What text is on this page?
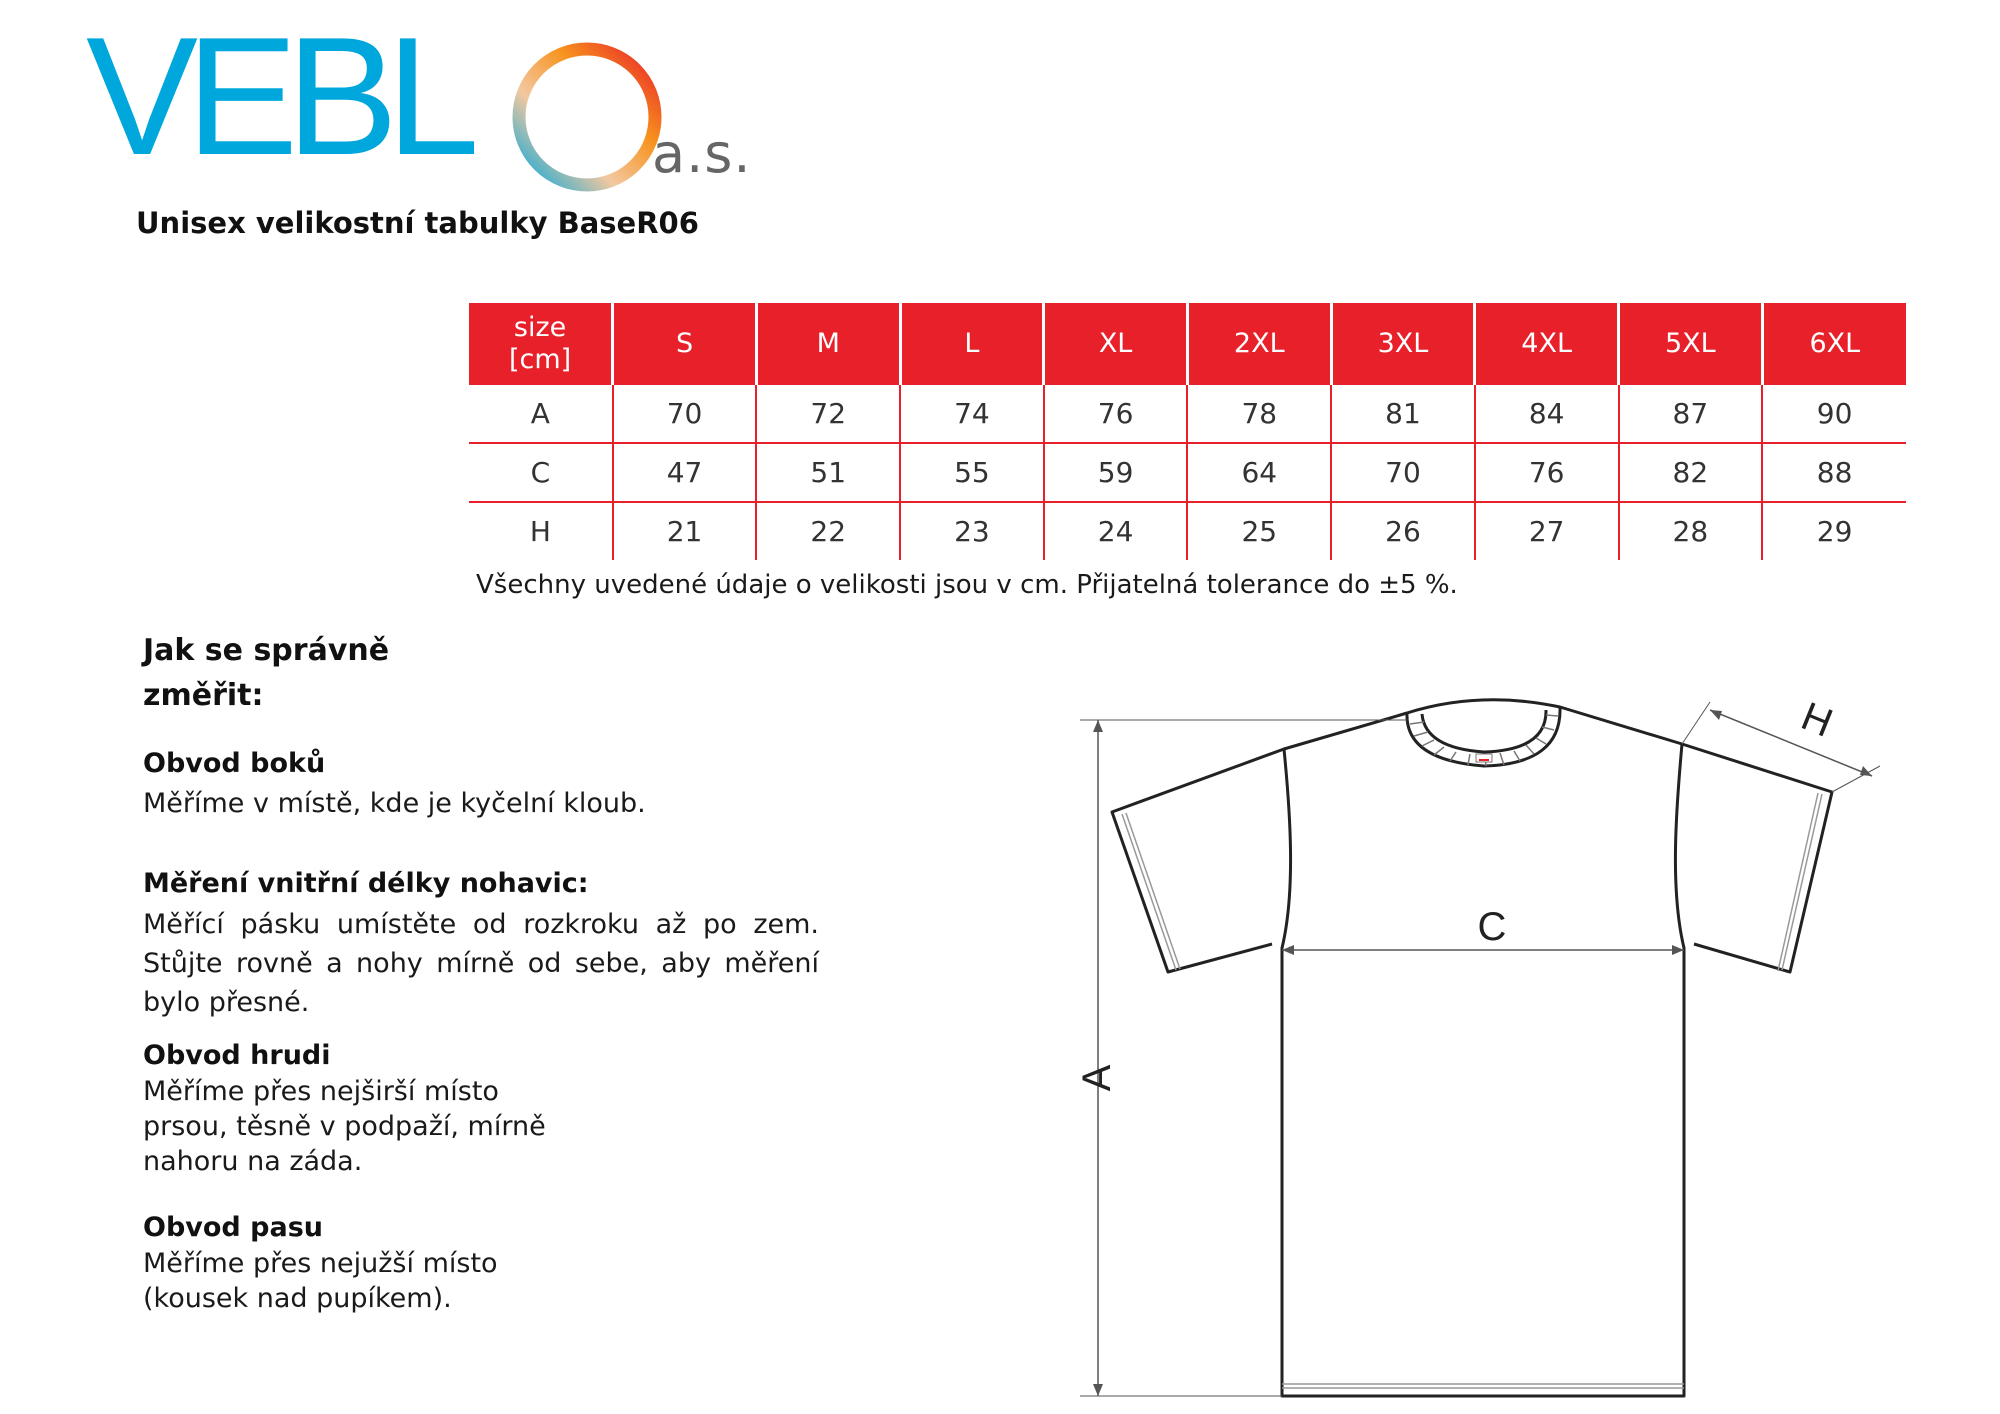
VEBL	a.s.
Unisex velikostní tabulky BaseR06
size
[cm]	S	M	L	XL	2XL	3XL	4XL	5XL	6XL
A	70	72	74	76	78	81	84	87	90
C	47	51	55	59	64	70	76	82	88
H	21	22	23	24	25	26	27	28	29
Všechny uvedené údaje o velikosti jsou v cm. Přijatelná tolerance do ±5 %.
Jak se správně změřit:
Obvod boků
Měříme v místě, kde je kyčelní kloub.
Měření vnitřní délky nohavic:
Měřící pásku umístěte od rozkroku až po zem. Stůjte rovně a nohy mírně od sebe, aby měření bylo přesné.
Obvod hrudi
Měříme přes nejširší místo prsou, těsně v podpaží, mírně nahoru na záda.
Obvod pasu
Měříme přes nejužší místo (kousek nad pupíkem).
A
C
H
